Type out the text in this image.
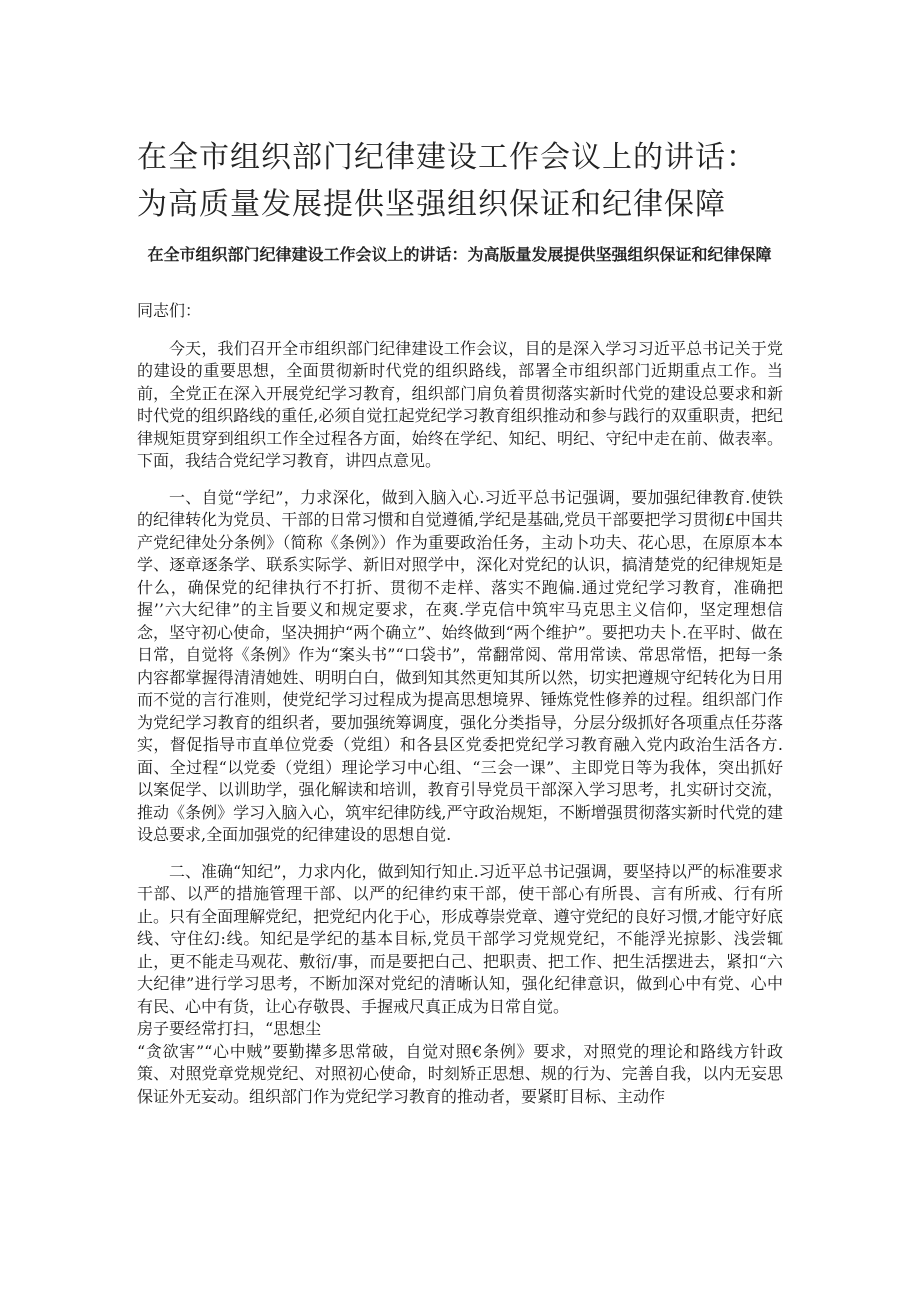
在全市组织部门纪律建设工作会议上的讲话：为高质量发展提供坚强组织保证和纪律保障
在全市组织部门纪律建设工作会议上的讲话：为高版量发展提供坚强组织保证和纪律保障

同志们：

今天，我们召开全市组织部门纪律建设工作会议，目的是深入学习习近平总书记关于党的建设的重要思想，全面贯彻新时代党的组织路线，部署全市组织部门近期重点工作。当前，全党正在深入开展党纪学习教育，组织部门肩负着贯彻落实新时代党的建设总要求和新时代党的组织路线的重任,必须自觉扛起党纪学习教育组织推动和参与践行的双重职责，把纪律规矩贯穿到组织工作全过程各方面，始终在学纪、知纪、明纪、守纪中走在前、做表率。下面，我结合党纪学习教育，讲四点意见。

一、自觉“学纪”，力求深化，做到入脑入心.习近平总书记强调，要加强纪律教育.使铁的纪律转化为党员、干部的日常习惯和自觉遵循,学纪是基础,党员干部要把学习贯彻£中国共产党纪律处分条例》（简称《条例》）作为重要政治任务，主动卜功夫、花心思，在原原本本学、逐章逐条学、联系实际学、新旧对照学中，深化对党纪的认识，搞清楚党的纪律规矩是什么，确保党的纪律执行不打折、贯彻不走样、落实不跑偏.通过党纪学习教育，准确把握’’六大纪律”的主旨要义和规定要求，在爽.学克信中筑牢马克思主义信仰，坚定理想信念，坚守初心使命，坚决拥护“两个确立”、始终做到“两个维护”。要把功夫卜.在平时、做在日常，自觉将《条例》作为“案头书”“口袋书”，常翻常阅、常用常读、常思常悟，把每一条内容都掌握得清清她姓、明明白白，做到知其然更知其所以然，切实把遵规守纪转化为日用而不觉的言行准则，使党纪学习过程成为提高思想境界、锤炼党性修养的过程。组织部门作为党纪学习教育的组织者，要加强统筹调度，强化分类指导，分层分级抓好各项重点任芬落实，督促指导市直单位党委（党组）和各县区党委把党纪学习教育融入党内政治生活各方.面、全过程“以党委（党组）理论学习中心组、“三会一课”、主即党日等为我体，突出抓好以案促学、以训助学，强化解读和培训，教育引导党员干部深入学习思考，扎实研讨交流，推动《条例》学习入脑入心，筑牢纪律防线,严守政治规矩，不断增强贯彻落实新时代党的建设总要求,全面加强党的纪律建设的思想自觉.

二、准确“知纪”，力求内化，做到知行知止.习近平总书记强调，要坚持以严的标准要求干部、以严的措施管理干部、以严的纪律约束干部，使干部心有所畏、言有所戒、行有所止。只有全面理解党纪，把党纪内化于心，形成尊崇党章、遵守党纪的良好习惯,才能守好底线、守住幻:线。知纪是学纪的基本目标,党员干部学习党规党纪，不能浮光掠影、浅尝辄止，更不能走马观花、敷衍/事，而是要把白己、把职责、把工作、把生活摆进去，紧扣“六大纪律”进行学习思考，不断加深对党纪的清晰认知，强化纪律意识，做到心中有党、心中有民、心中有货，让心存敬畏、手握戒尺真正成为日常自觉。

房子要经常打扫，“思想尘

“贪欲害”“心中贼”要勤撵多思常破，自觉对照€条例》要求，对照党的理论和路线方针政策、对照党章党规党纪、对照初心使命，时刻矫正思想、规的行为、完善自我，以内无妄思保证外无妄动。组织部门作为党纪学习教育的推动者，要紧盯目标、主动作
